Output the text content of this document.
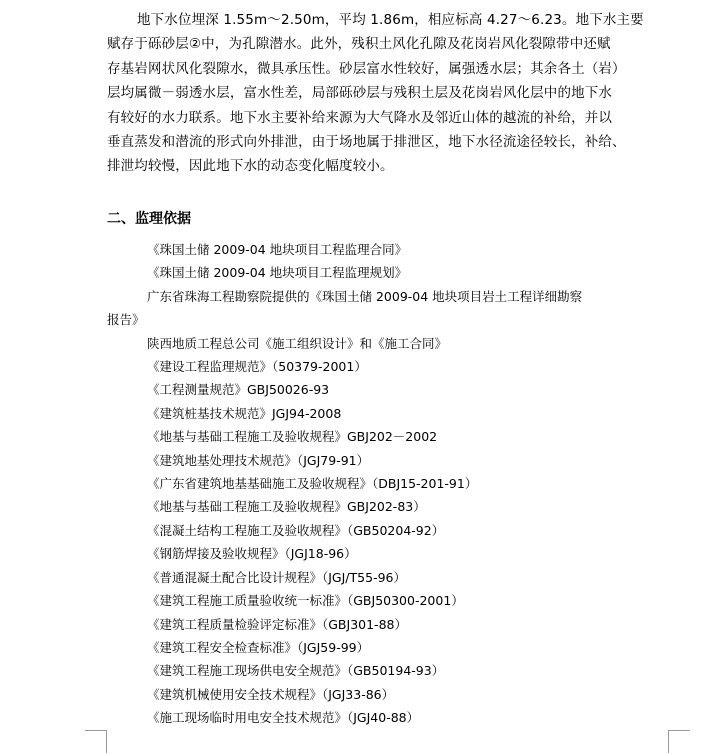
地下水位埋深 1.55m～2.50m，平均 1.86m，相应标高 4.27～6.23。地下水主要
赋存于砾砂层②中，为孔隙潜水。此外，残积土风化孔隙及花岗岩风化裂隙带中还赋
存基岩网状风化裂隙水，微具承压性。砂层富水性较好，属强透水层；其余各土（岩）
层均属微－弱透水层，富水性差，局部砾砂层与残积土层及花岗岩风化层中的地下水
有较好的水力联系。地下水主要补给来源为大气降水及邻近山体的越流的补给，并以
垂直蒸发和潜流的形式向外排泄，由于场地属于排泄区，地下水径流途径较长，补给、
排泄均较慢，因此地下水的动态变化幅度较小。
二、监理依据
《珠国土储 2009-04 地块项目工程监理合同》
《珠国土储 2009-04 地块项目工程监理规划》
广东省珠海工程勘察院提供的《珠国土储 2009-04 地块项目岩土工程详细勘察
报告》
陕西地质工程总公司《施工组织设计》和《施工合同》
《建设工程监理规范》（50379-2001）
《工程测量规范》GBJ50026-93
《建筑桩基技术规范》JGJ94-2008
《地基与基础工程施工及验收规程》GBJ202－2002
《建筑地基处理技术规范》（JGJ79-91）
《广东省建筑地基基础施工及验收规程》（DBJ15-201-91）
《地基与基础工程施工及验收规程》GBJ202-83）
《混凝土结构工程施工及验收规程》（GB50204-92）
《钢筋焊接及验收规程》（JGJ18-96）
《普通混凝土配合比设计规程》（JGJ/T55-96）
《建筑工程施工质量验收统一标准》（GBJ50300-2001）
《建筑工程质量检验评定标准》（GBJ301-88）
《建筑工程安全检查标准》（JGJ59-99）
《建筑工程施工现场供电安全规范》（GB50194-93）
《建筑机械使用安全技术规程》（JGJ33-86）
《施工现场临时用电安全技术规范》（JGJ40-88）
